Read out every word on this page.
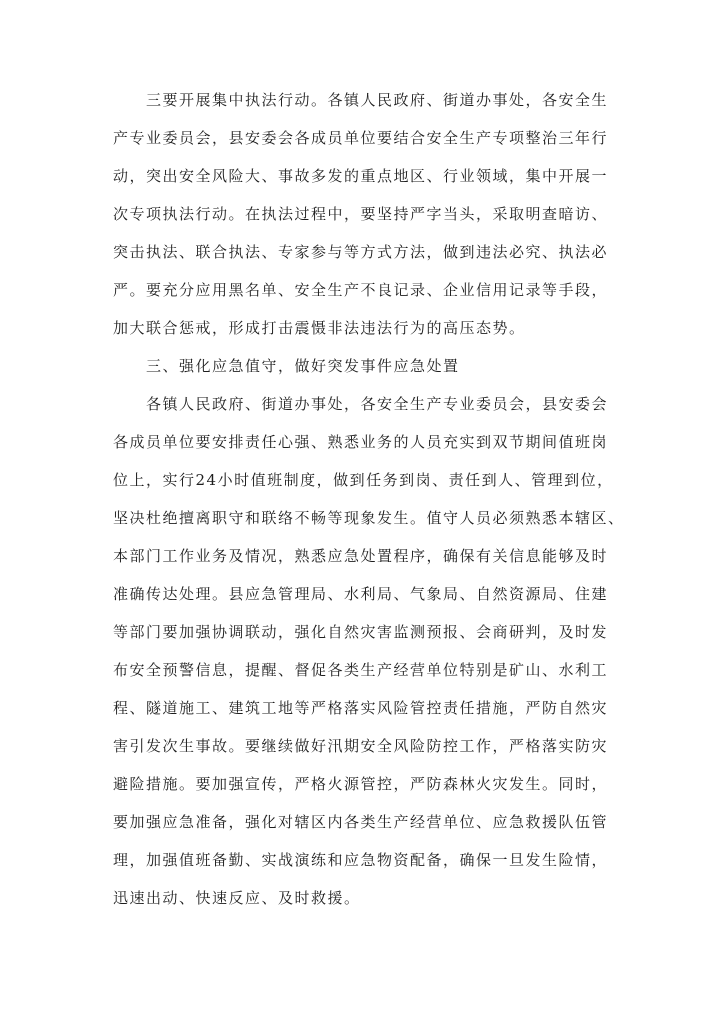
三要开展集中执法行动。各镇人民政府、街道办事处，各安全生
产专业委员会，县安委会各成员单位要结合安全生产专项整治三年行
动，突出安全风险大、事故多发的重点地区、行业领域，集中开展一
次专项执法行动。在执法过程中，要坚持严字当头，采取明查暗访、
突击执法、联合执法、专家参与等方式方法，做到违法必究、执法必
严。要充分应用黑名单、安全生产不良记录、企业信用记录等手段，
加大联合惩戒，形成打击震慑非法违法行为的高压态势。
三、强化应急值守，做好突发事件应急处置
各镇人民政府、街道办事处，各安全生产专业委员会，县安委会
各成员单位要安排责任心强、熟悉业务的人员充实到双节期间值班岗
位上，实行24小时值班制度，做到任务到岗、责任到人、管理到位，
坚决杜绝擅离职守和联络不畅等现象发生。值守人员必须熟悉本辖区、
本部门工作业务及情况，熟悉应急处置程序，确保有关信息能够及时
准确传达处理。县应急管理局、水利局、气象局、自然资源局、住建
等部门要加强协调联动，强化自然灾害监测预报、会商研判，及时发
布安全预警信息，提醒、督促各类生产经营单位特别是矿山、水利工
程、隧道施工、建筑工地等严格落实风险管控责任措施，严防自然灾
害引发次生事故。要继续做好汛期安全风险防控工作，严格落实防灾
避险措施。要加强宣传，严格火源管控，严防森林火灾发生。同时，
要加强应急准备，强化对辖区内各类生产经营单位、应急救援队伍管
理，加强值班备勤、实战演练和应急物资配备，确保一旦发生险情，
迅速出动、快速反应、及时救援。
